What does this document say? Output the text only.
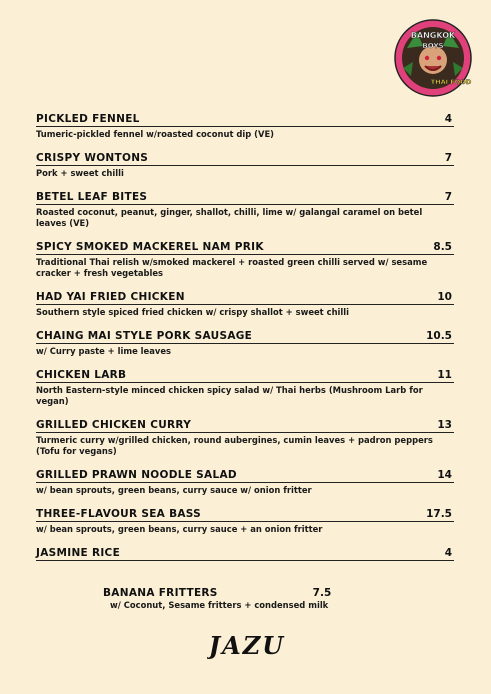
BANGKOK
BOYS
THAI FOOD
PICKLED FENNEL	4
Tumeric-pickled fennel w/roasted coconut dip (VE)
CRISPY WONTONS	7
Pork + sweet chilli
BETEL LEAF BITES	7
Roasted coconut, peanut, ginger, shallot, chilli, lime w/ galangal caramel on betel leaves (VE)
SPICY SMOKED MACKEREL NAM PRIK	8.5
Traditional Thai relish w/smoked mackerel + roasted green chilli served w/ sesame cracker + fresh vegetables
HAD YAI FRIED CHICKEN	10
Southern style spiced fried chicken w/ crispy shallot + sweet chilli
CHAING MAI STYLE PORK SAUSAGE	10.5
w/ Curry paste + lime leaves
CHICKEN LARB	11
North Eastern-style minced chicken spicy salad w/ Thai herbs (Mushroom Larb for vegan)
GRILLED CHICKEN CURRY	13
Turmeric curry w/grilled chicken, round aubergines, cumin leaves + padron peppers (Tofu for vegans)
GRILLED PRAWN NOODLE SALAD	14
w/ bean sprouts, green beans, curry sauce w/ onion fritter
THREE-FLAVOUR SEA BASS	17.5
w/ bean sprouts, green beans, curry sauce + an onion fritter
JASMINE RICE	4
BANANA FRITTERS	7.5
w/ Coconut, Sesame fritters + condensed milk
JAZU
